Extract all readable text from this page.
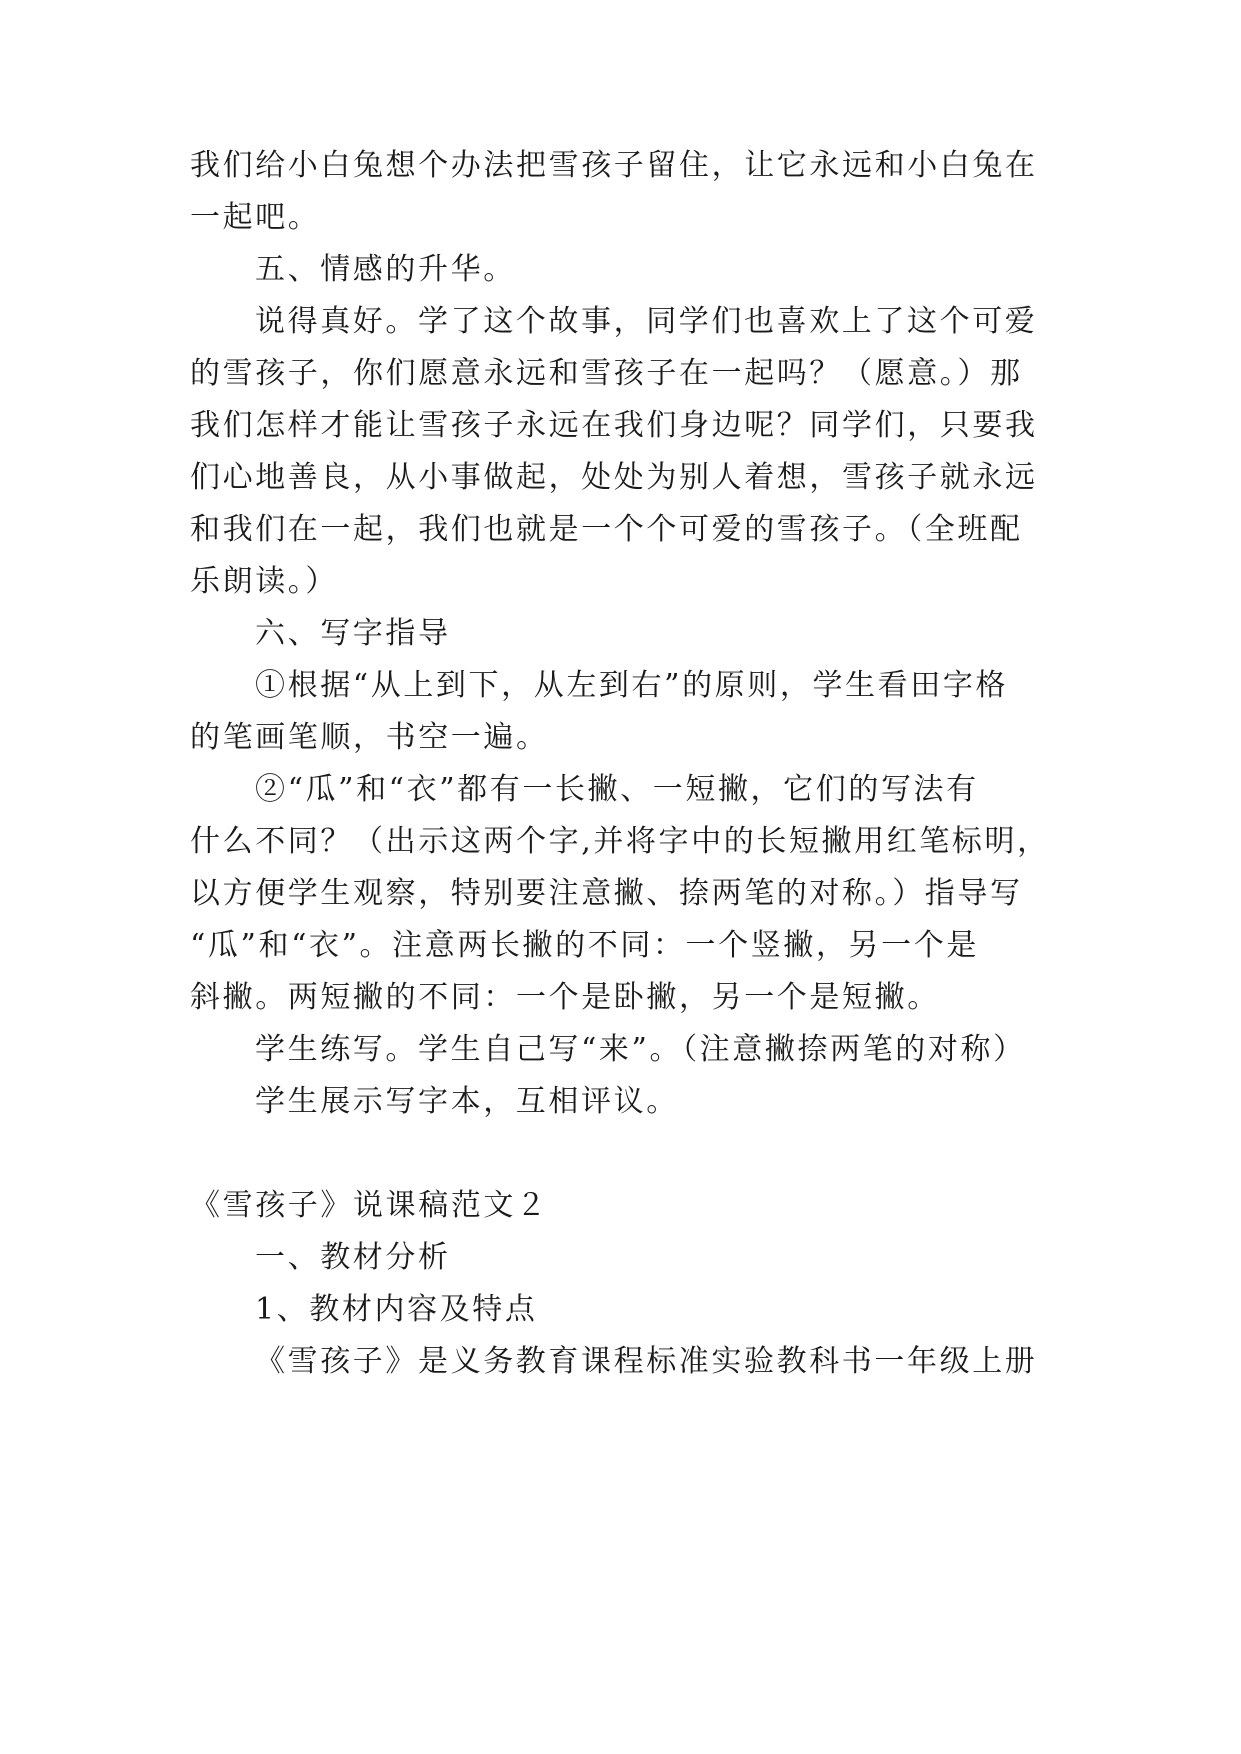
我们给小白兔想个办法把雪孩子留住，让它永远和小白兔在
一起吧。
五、情感的升华。
说得真好。学了这个故事，同学们也喜欢上了这个可爱
的雪孩子，你们愿意永远和雪孩子在一起吗？（愿意。）那
我们怎样才能让雪孩子永远在我们身边呢？同学们，只要我
们心地善良，从小事做起，处处为别人着想，雪孩子就永远
和我们在一起，我们也就是一个个可爱的雪孩子。（全班配
乐朗读。）
六、写字指导
①根据“从上到下，从左到右”的原则，学生看田字格
的笔画笔顺，书空一遍。
②“瓜”和“衣”都有一长撇、一短撇，它们的写法有
什么不同？（出示这两个字,并将字中的长短撇用红笔标明，
以方便学生观察，特别要注意撇、捺两笔的对称。）指导写
“瓜”和“衣”。注意两长撇的不同：一个竖撇，另一个是
斜撇。两短撇的不同：一个是卧撇，另一个是短撇。
学生练写。学生自己写“来”。（注意撇捺两笔的对称）
学生展示写字本，互相评议。
《雪孩子》说课稿范文２
一、教材分析
1、教材内容及特点
《雪孩子》是义务教育课程标准实验教科书一年级上册
